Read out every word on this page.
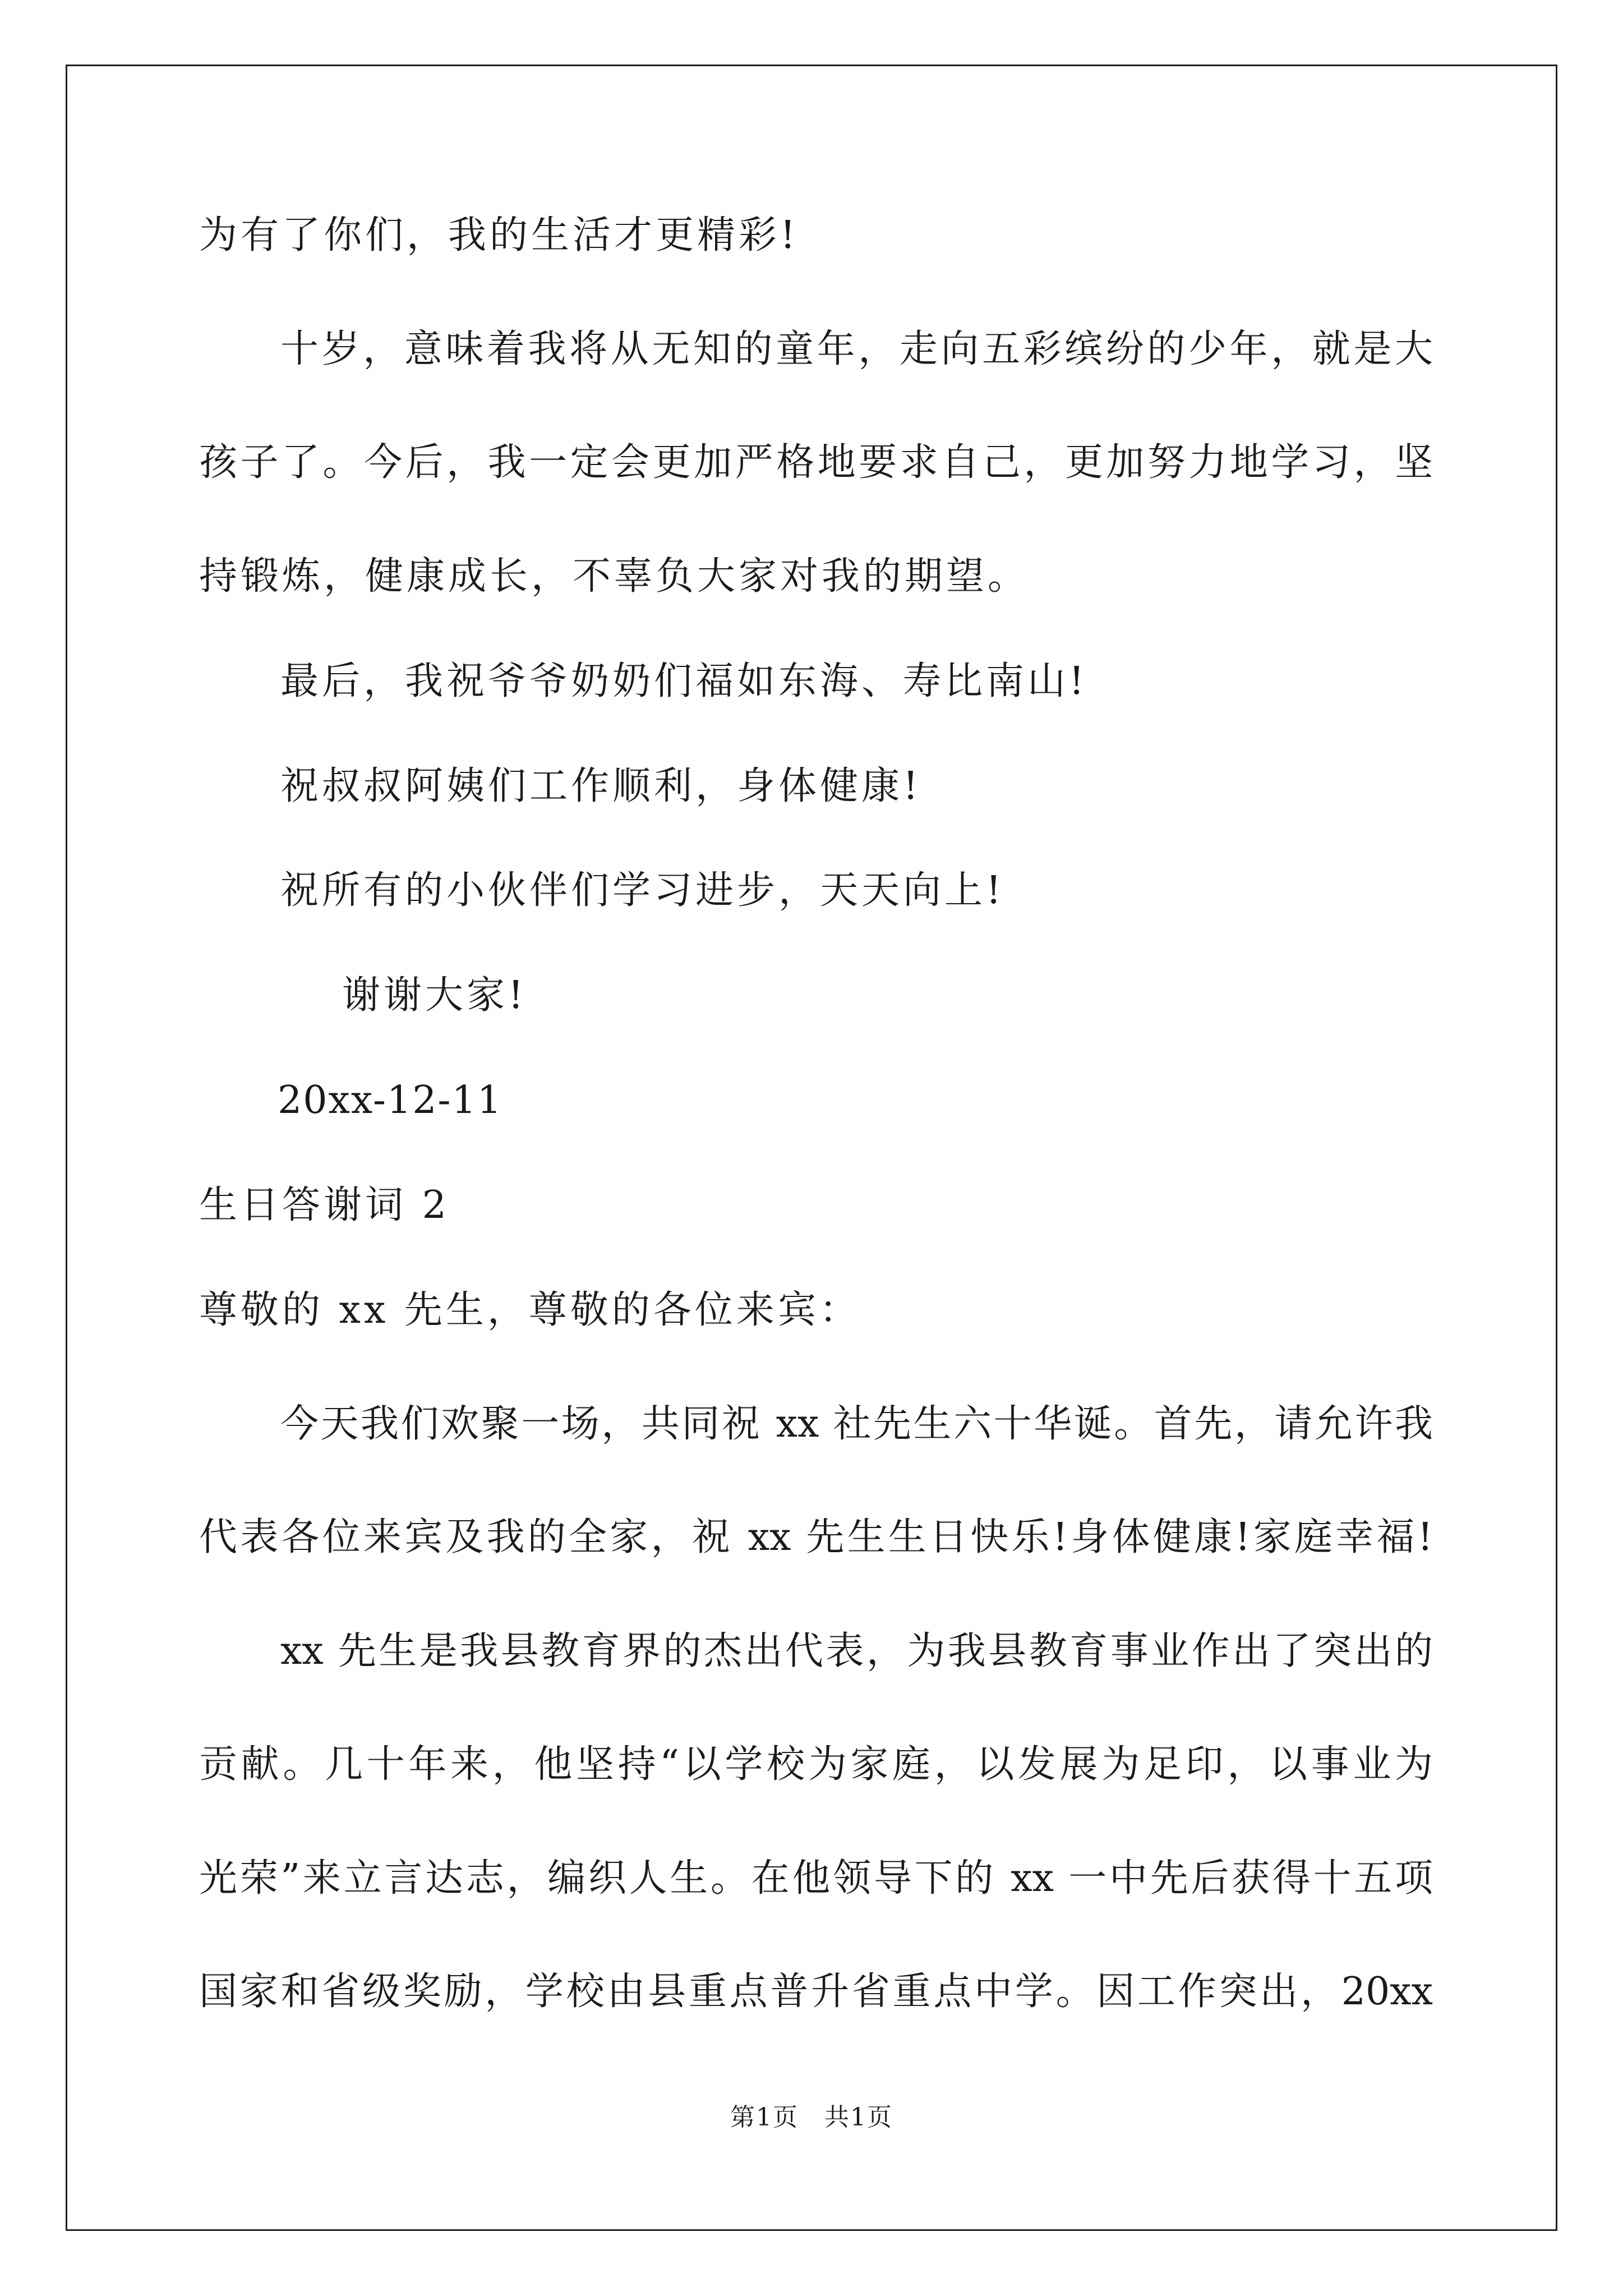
为有了你们，我的生活才更精彩!
十岁，意味着我将从无知的童年，走向五彩缤纷的少年，就是大
孩子了。今后，我一定会更加严格地要求自己，更加努力地学习，坚
持锻炼，健康成长，不辜负大家对我的期望。
最后，我祝爷爷奶奶们福如东海、寿比南山!
祝叔叔阿姨们工作顺利，身体健康!
祝所有的小伙伴们学习进步，天天向上!
谢谢大家!
20xx-12-11
生日答谢词 2
尊敬的 xx 先生，尊敬的各位来宾：
今天我们欢聚一场，共同祝 xx 社先生六十华诞。首先，请允许我
代表各位来宾及我的全家，祝 xx 先生生日快乐!身体健康!家庭幸福!
xx 先生是我县教育界的杰出代表，为我县教育事业作出了突出的
贡献。几十年来，他坚持“以学校为家庭，以发展为足印，以事业为
光荣”来立言达志，编织人生。在他领导下的 xx 一中先后获得十五项
国家和省级奖励，学校由县重点普升省重点中学。因工作突出，20xx
第1页　共1页
